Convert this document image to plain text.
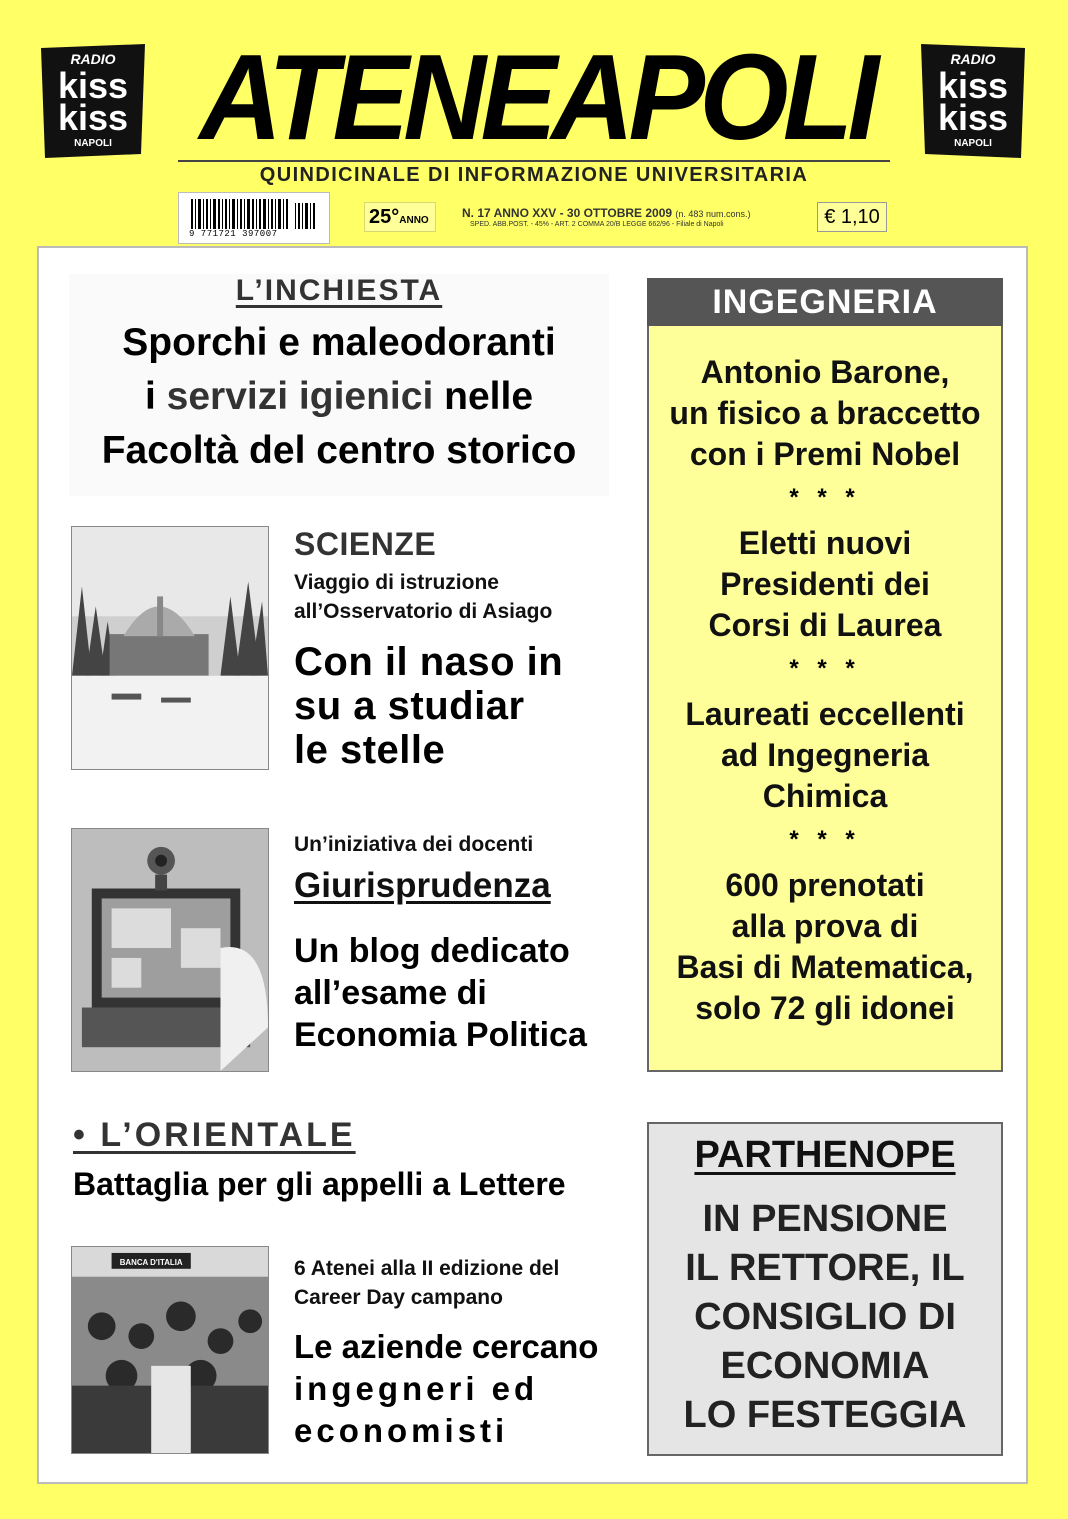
RADIO
kiss
kiss
NAPOLI ATENEAPOLI
QUINDICINALE DI INFORMAZIONE UNIVERSITARIA
RADIO
kiss
kiss
NAPOLI
9 771721 397007
25°ANNO
N. 17 ANNO XXV - 30 OTTOBRE 2009 (n. 483 num.cons.)
SPED. ABB.POST. - 45% - ART. 2 COMMA 20/B LEGGE 662/96 - Filiale di Napoli	€ 1,10
L’INCHIESTA
Sporchi e maleodoranti
i servizi igienici nelle
Facoltà del centro storico
SCIENZE
Viaggio di istruzione
all’Osservatorio di Asiago
Con il naso in
su a studiar
le stelle
Un’iniziativa dei docenti
Giurisprudenza
Un blog dedicato
all’esame di
Economia Politica
INGEGNERIA
Antonio Barone,
un fisico a braccetto
con i Premi Nobel
* * *
Eletti nuovi
Presidenti dei
Corsi di Laurea
* * *
Laureati eccellenti
ad Ingegneria
Chimica
* * *
600 prenotati
alla prova di
Basi di Matematica,
solo 72 gli idonei
• L’ORIENTALE
Battaglia per gli appelli a Lettere
BANCA D'ITALIA	6 Atenei alla II edizione del
Career Day campano
Le aziende cercano
ingegneri ed
economisti
PARTHENOPE
IN PENSIONE
IL RETTORE, IL
CONSIGLIO DI
ECONOMIA
LO FESTEGGIA
